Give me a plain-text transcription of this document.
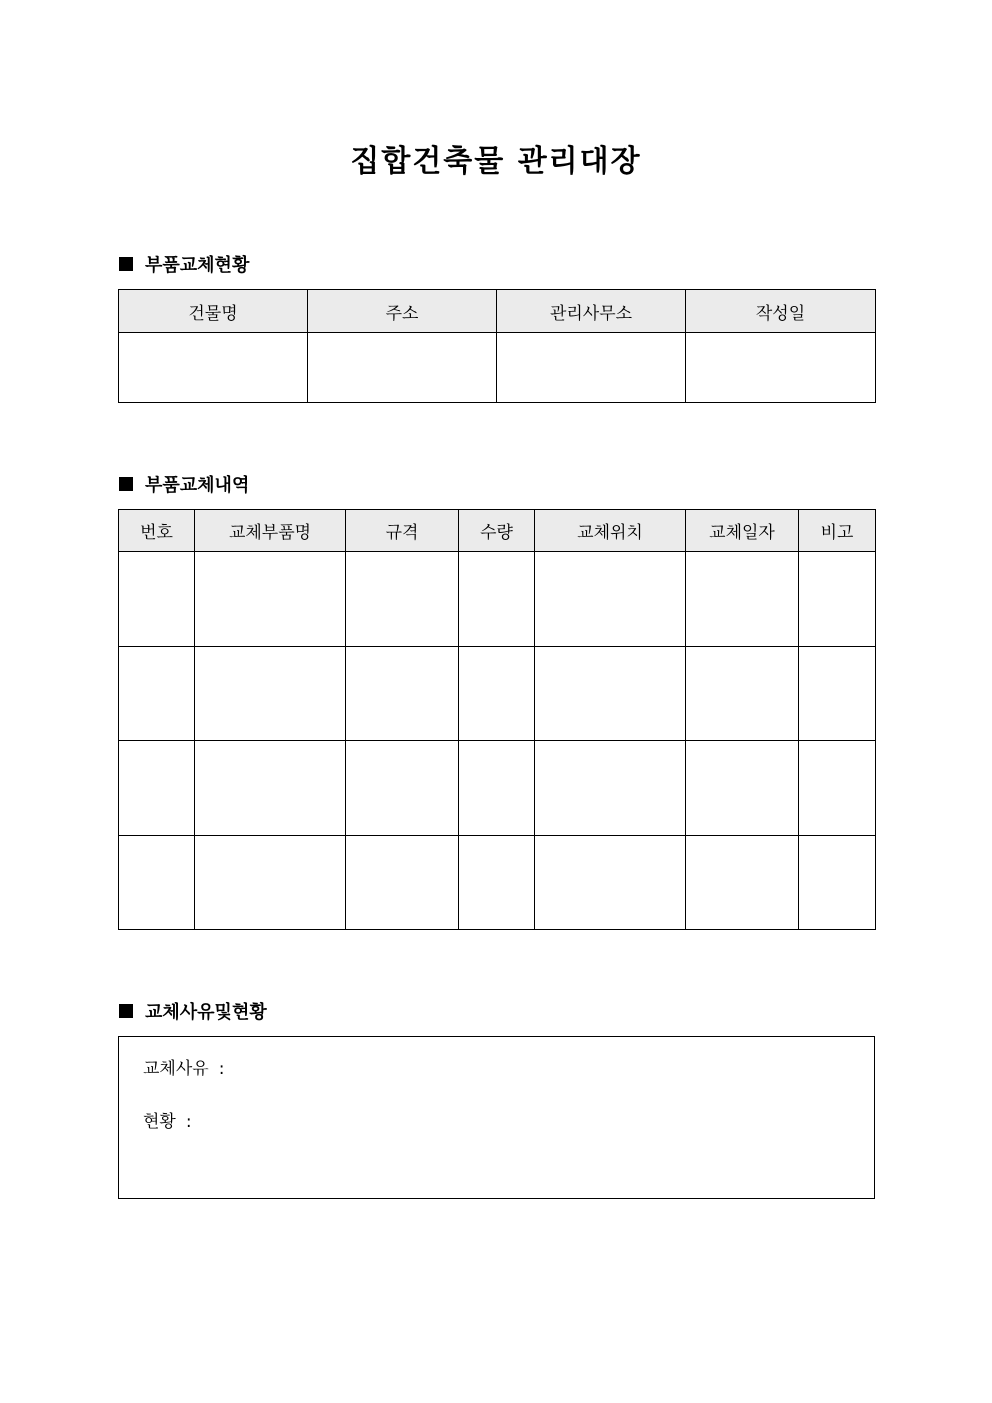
집합건축물 관리대장
부품교체현황
건물명	주소	관리사무소	작성일

부품교체내역
번호	교체부품명	규격	수량	교체위치	교체일자	비고

교체사유및현황
교체사유 :
현황 :
